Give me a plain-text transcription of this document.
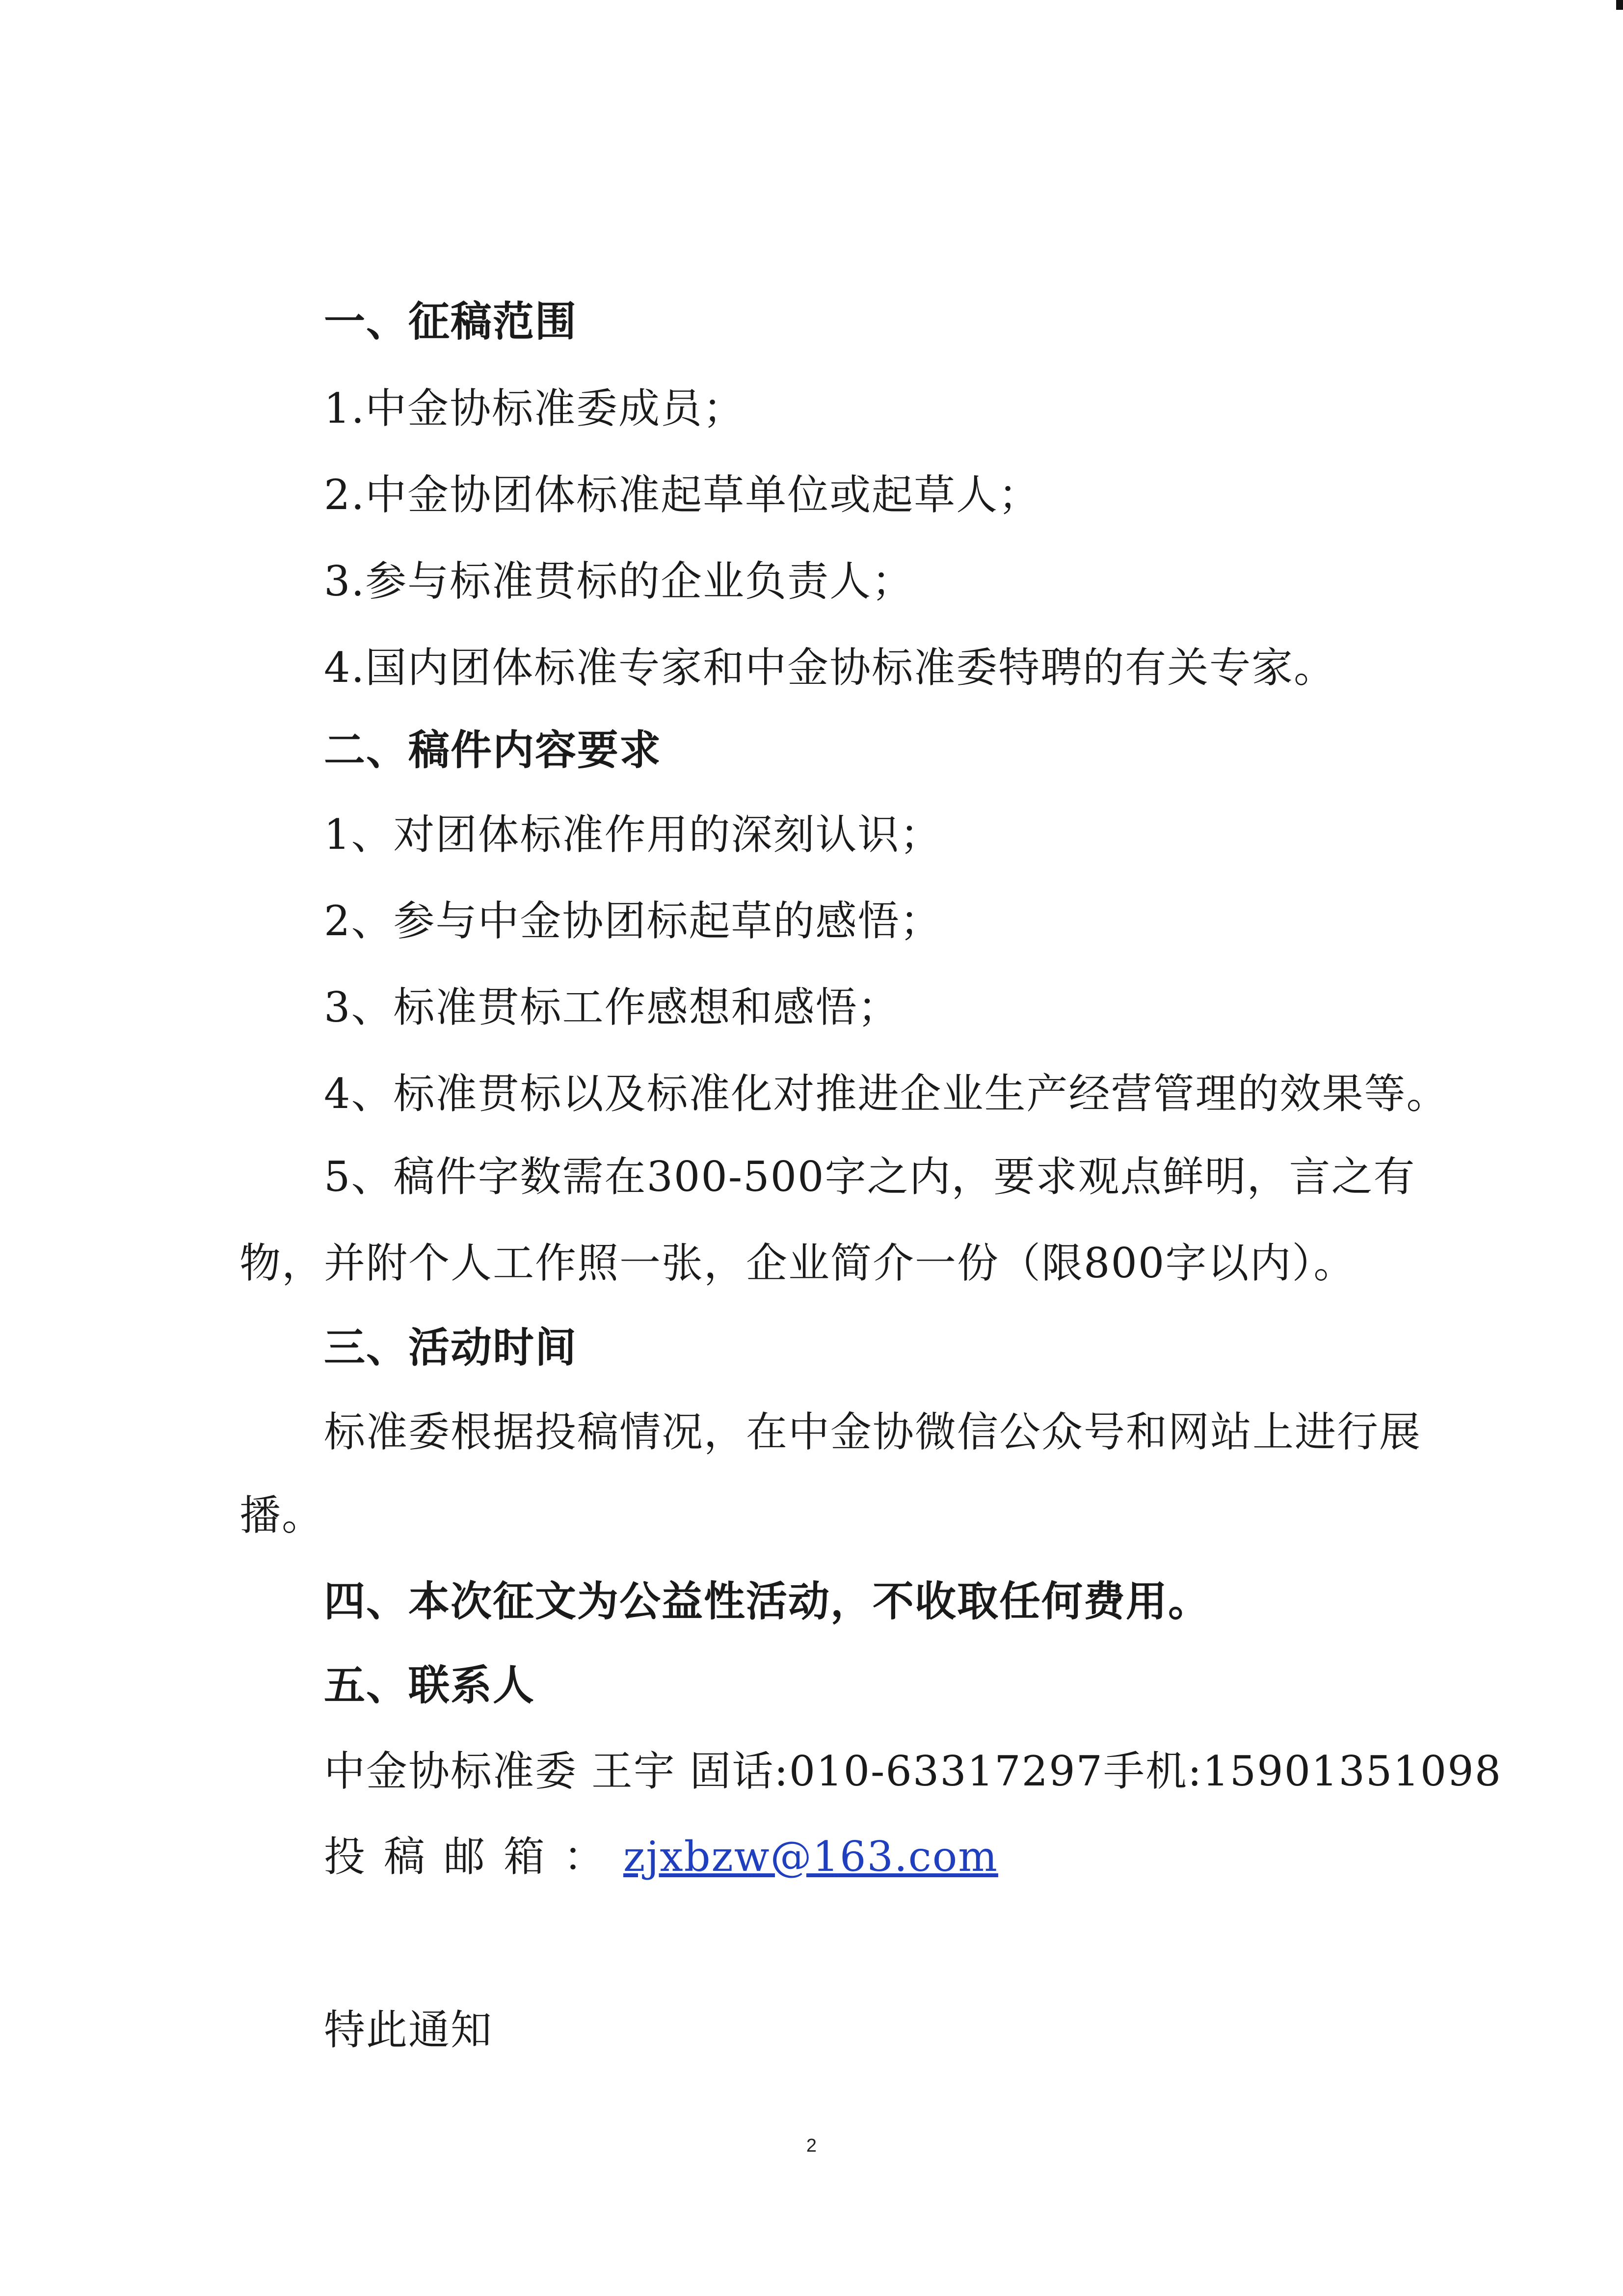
一、征稿范围
1.中金协标准委成员；
2.中金协团体标准起草单位或起草人；
3.参与标准贯标的企业负责人；
4.国内团体标准专家和中金协标准委特聘的有关专家。
二、稿件内容要求
1、对团体标准作用的深刻认识；
2、参与中金协团标起草的感悟；
3、标准贯标工作感想和感悟；
4、标准贯标以及标准化对推进企业生产经营管理的效果等。
5、稿件字数需在300-500字之内，要求观点鲜明，言之有
物，并附个人工作照一张，企业简介一份（限800字以内）。
三、活动时间
标准委根据投稿情况，在中金协微信公众号和网站上进行展
播。
四、本次征文为公益性活动，不收取任何费用。
五、联系人
中金协标准委 王宇 固话:010-63317297手机:15901351098
投稿邮箱：zjxbzw@163.com
特此通知
2
